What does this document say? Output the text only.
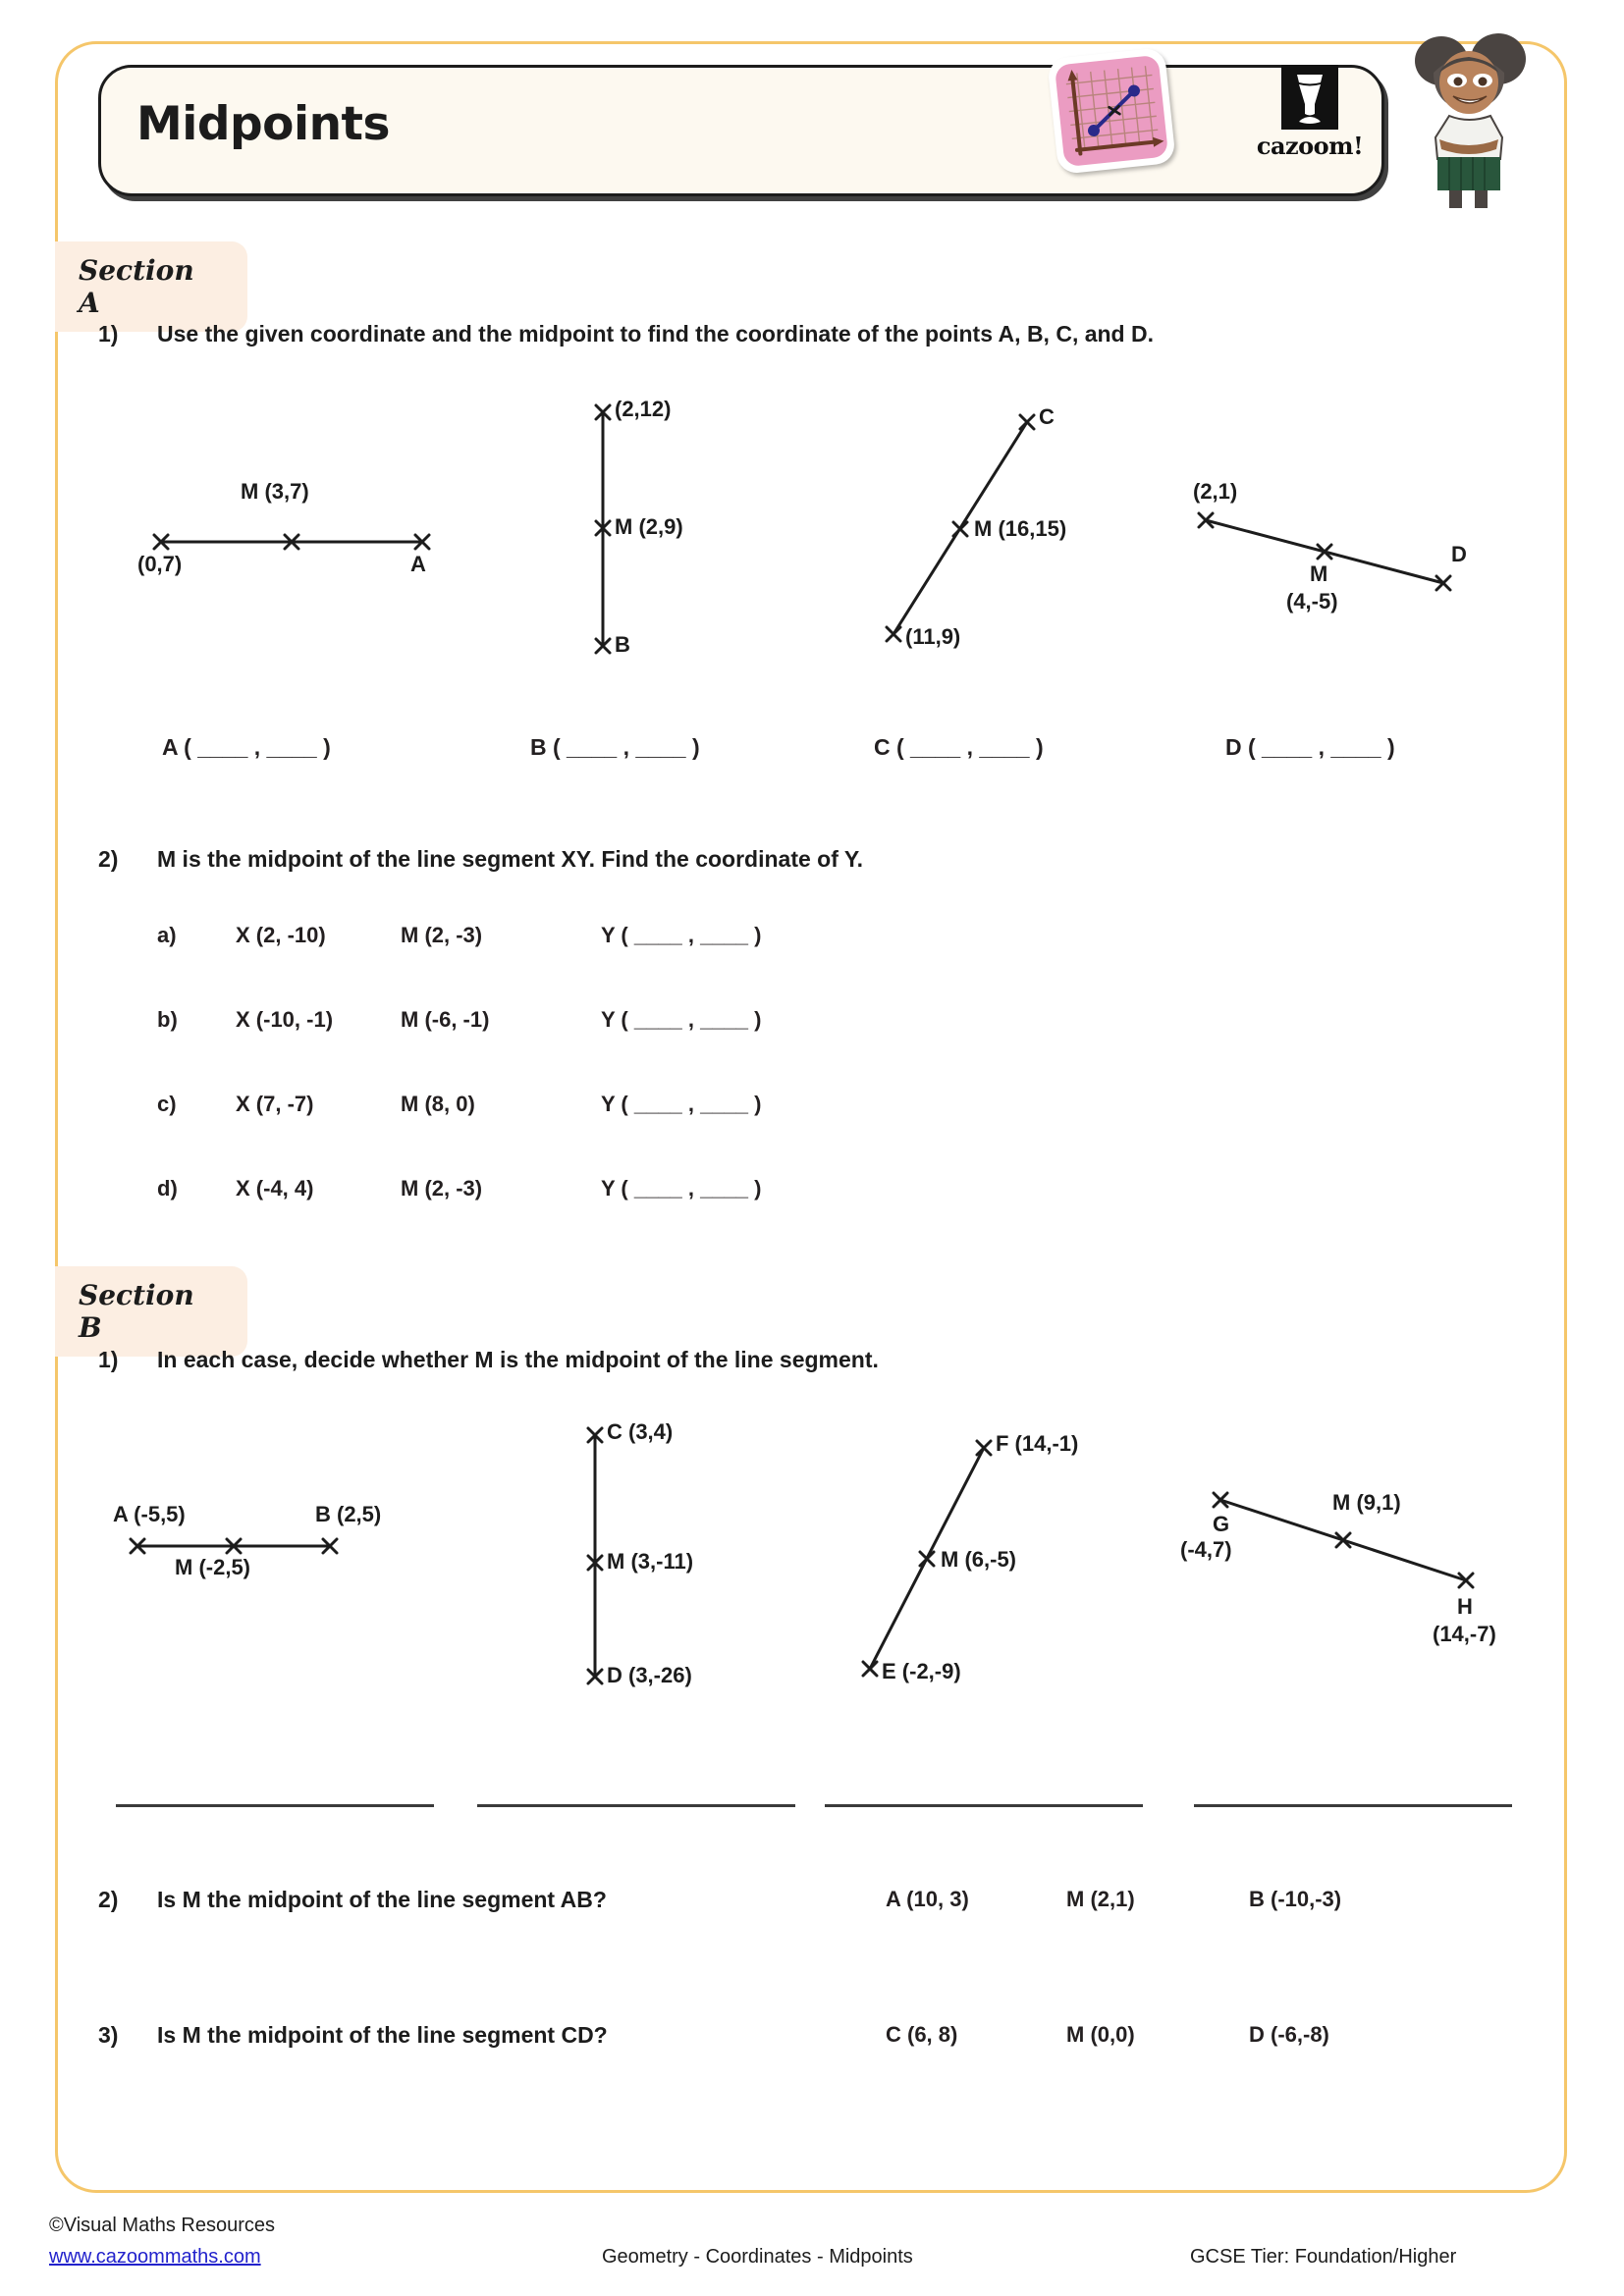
Midpoints	cazoom!
Section A
1) Use the given coordinate and the midpoint to find the coordinate of the points A, B, C, and D.
M (3,7)
(0,7)	A
(2,12)
M (2,9)
B
C
M (16,15)
(11,9)
(2,1)
M
(4,-5)
D
A ( ____ , ____ )	B ( ____ , ____ )	C ( ____ , ____ )	D ( ____ , ____ )
2) M is the midpoint of the line segment XY. Find the coordinate of Y.
a)	X (2, -10)	M (2, -3)	Y ( ____ , ____ )
b)	X (-10, -1)	M (-6, -1)	Y ( ____ , ____ )
c)	X (7, -7)	M (8, 0)	Y ( ____ , ____ )
d)	X (-4, 4)	M (2, -3)	Y ( ____ , ____ )
Section B
1) In each case, decide whether M is the midpoint of the line segment.
A (-5,5)	B (2,5)
M (-2,5)
C (3,4)
M (3,-11)
D (3,-26)
F (14,-1)
M (6,-5)
E (-2,-9)
G
(-4,7)
M (9,1)
H
(14,-7)
2) Is M the midpoint of the line segment AB?	A (10, 3)	M (2,1)	B (-10,-3)
3) Is M the midpoint of the line segment CD?	C (6, 8)	M (0,0)	D (-6,-8)
©Visual Maths Resources
www.cazoommaths.com	Geometry - Coordinates - Midpoints	GCSE Tier: Foundation/Higher
